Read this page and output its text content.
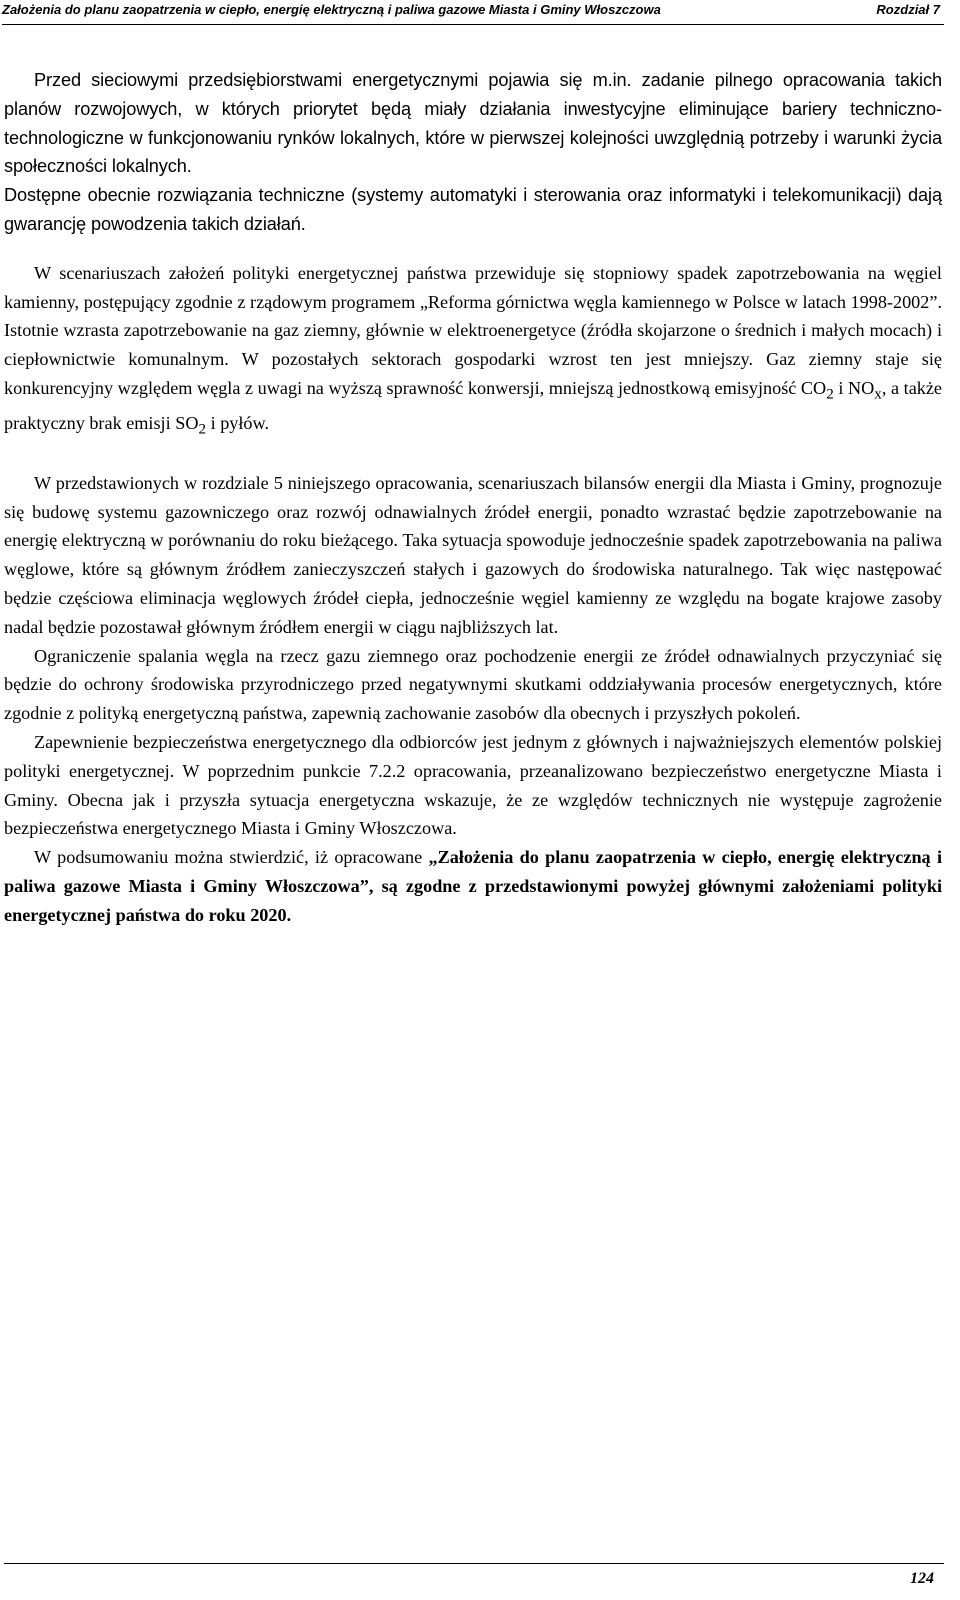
Założenia do planu zaopatrzenia w ciepło, energię elektryczną i paliwa gazowe Miasta i Gminy Włoszczowa	Rozdział 7

Przed sieciowymi przedsiębiorstwami energetycznymi pojawia się m.in. zadanie pilnego opracowania takich planów rozwojowych, w których priorytet będą miały działania inwestycyjne eliminujące bariery techniczno-technologiczne w funkcjonowaniu rynków lokalnych, które w pierwszej kolejności uwzględnią potrzeby i warunki życia społeczności lokalnych.

Dostępne obecnie rozwiązania techniczne (systemy automatyki i sterowania oraz informatyki i telekomunikacji) dają gwarancję powodzenia takich działań.

W scenariuszach założeń polityki energetycznej państwa przewiduje się stopniowy spadek zapotrzebowania na węgiel kamienny, postępujący zgodnie z rządowym programem „Reforma górnictwa węgla kamiennego w Polsce w latach 1998-2002”. Istotnie wzrasta zapotrzebowanie na gaz ziemny, głównie w elektroenergetyce (źródła skojarzone o średnich i małych mocach) i ciepłownictwie komunalnym. W pozostałych sektorach gospodarki wzrost ten jest mniejszy. Gaz ziemny staje się konkurencyjny względem węgla z uwagi na wyższą sprawność konwersji, mniejszą jednostkową emisyjność $CO_2$ i $NO_x$, a także praktyczny brak emisji $SO_2$ i pyłów.

W przedstawionych w rozdziale 5 niniejszego opracowania, scenariuszach bilansów energii dla Miasta i Gminy, prognozuje się budowę systemu gazowniczego oraz rozwój odnawialnych źródeł energii, ponadto wzrastać będzie zapotrzebowanie na energię elektryczną w porównaniu do roku bieżącego. Taka sytuacja spowoduje jednocześnie spadek zapotrzebowania na paliwa węglowe, które są głównym źródłem zanieczyszczeń stałych i gazowych do środowiska naturalnego. Tak więc następować będzie częściowa eliminacja węglowych źródeł ciepła, jednocześnie węgiel kamienny ze względu na bogate krajowe zasoby nadal będzie pozostawał głównym źródłem energii w ciągu najbliższych lat.

Ograniczenie spalania węgla na rzecz gazu ziemnego oraz pochodzenie energii ze źródeł odnawialnych przyczyniać się będzie do ochrony środowiska przyrodniczego przed negatywnymi skutkami oddziaływania procesów energetycznych, które zgodnie z polityką energetyczną państwa, zapewnią zachowanie zasobów dla obecnych i przyszłych pokoleń.

Zapewnienie bezpieczeństwa energetycznego dla odbiorców jest jednym z głównych i najważniejszych elementów polskiej polityki energetycznej. W poprzednim punkcie 7.2.2 opracowania, przeanalizowano bezpieczeństwo energetyczne Miasta i Gminy. Obecna jak i przyszła sytuacja energetyczna wskazuje, że ze względów technicznych nie występuje zagrożenie bezpieczeństwa energetycznego Miasta i Gminy Włoszczowa.

W podsumowaniu można stwierdzić, iż opracowane „Założenia do planu zaopatrzenia w ciepło, energię elektryczną i paliwa gazowe Miasta i Gminy Włoszczowa”, są zgodne z przedstawionymi powyżej głównymi założeniami polityki energetycznej państwa do roku 2020.

124
